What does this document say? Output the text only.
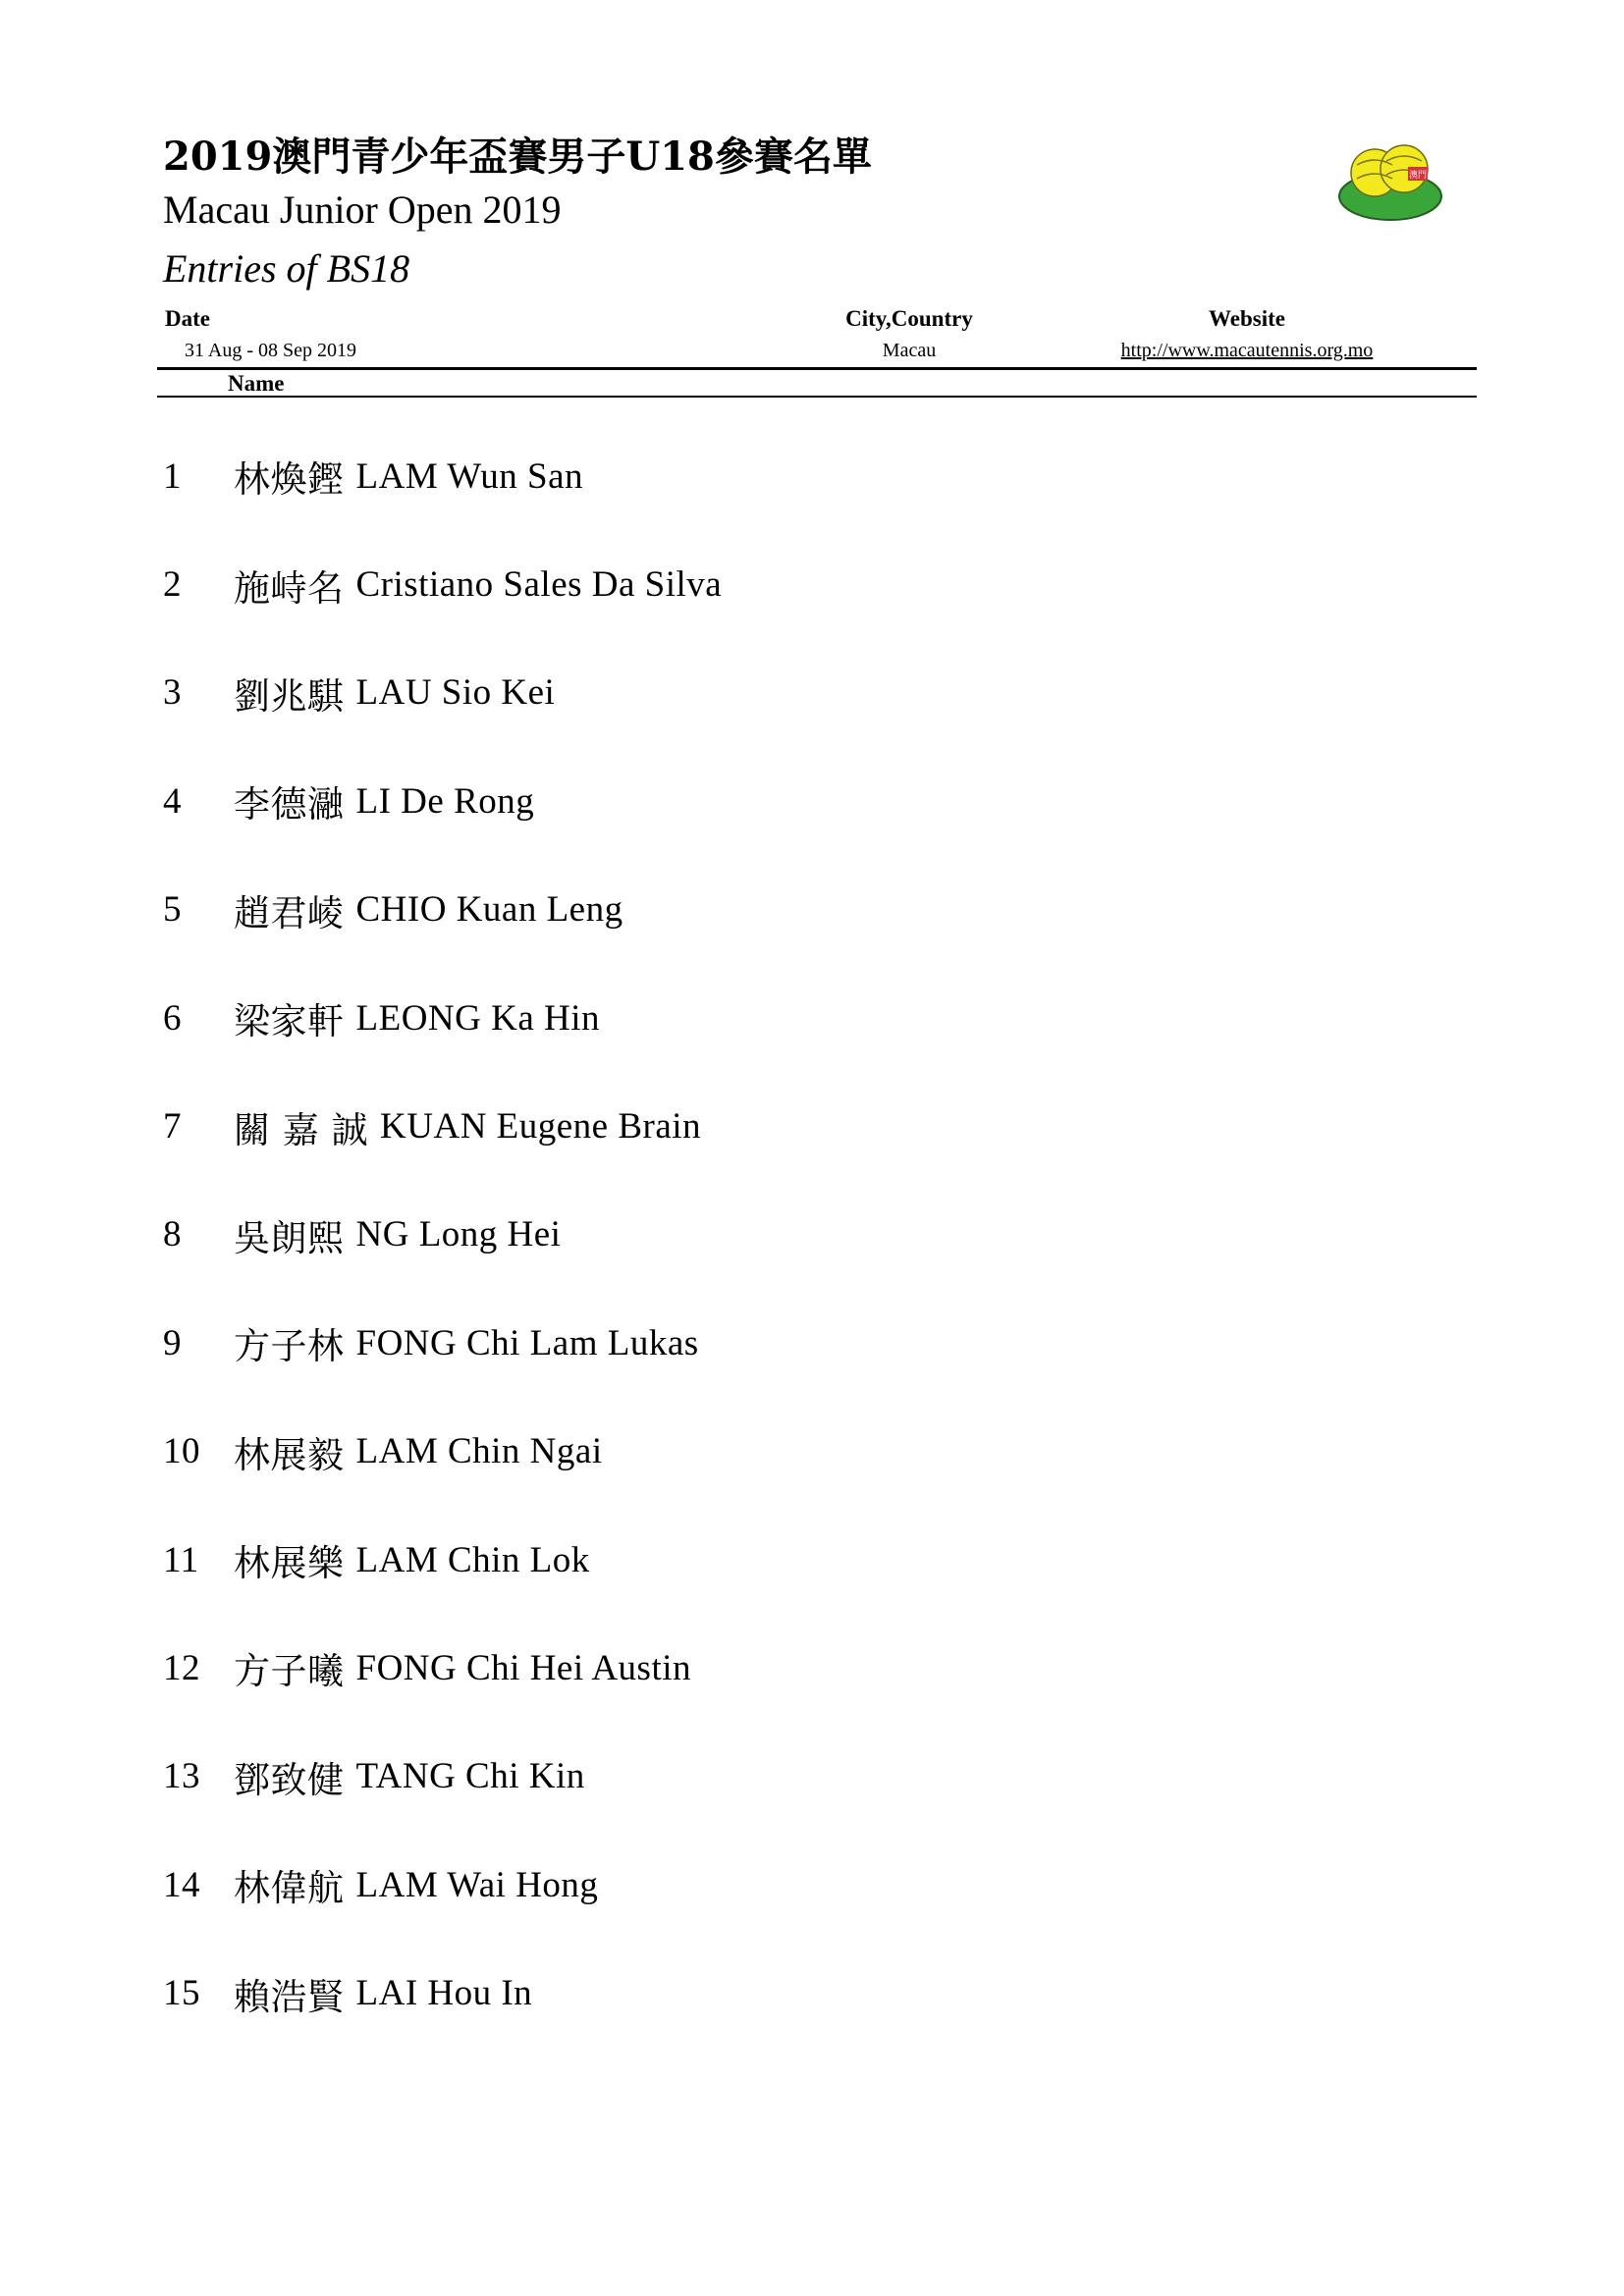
2019澳門青少年盃賽男子U18參賽名單
Macau Junior Open 2019
Entries of BS18
澳門
Date
31 Aug - 08 Sep 2019
City,Country
Macau
Website
http://www.macautennis.org.mo
Name
1	林煥鏗 LAM Wun San
2	施峙名 Cristiano Sales Da Silva
3	劉兆騏 LAU Sio Kei
4	李德瀜 LI De Rong
5	趙君崚 CHIO Kuan Leng
6	梁家軒 LEONG Ka Hin
7	關 嘉 誠 KUAN Eugene Brain
8	吳朗熙 NG Long Hei
9	方子林 FONG Chi Lam Lukas
10 林展毅 LAM Chin Ngai
11 林展樂 LAM Chin Lok
12 方子曦 FONG Chi Hei Austin
13 鄧致健 TANG Chi Kin
14 林偉航 LAM Wai Hong
15 賴浩賢 LAI Hou In
